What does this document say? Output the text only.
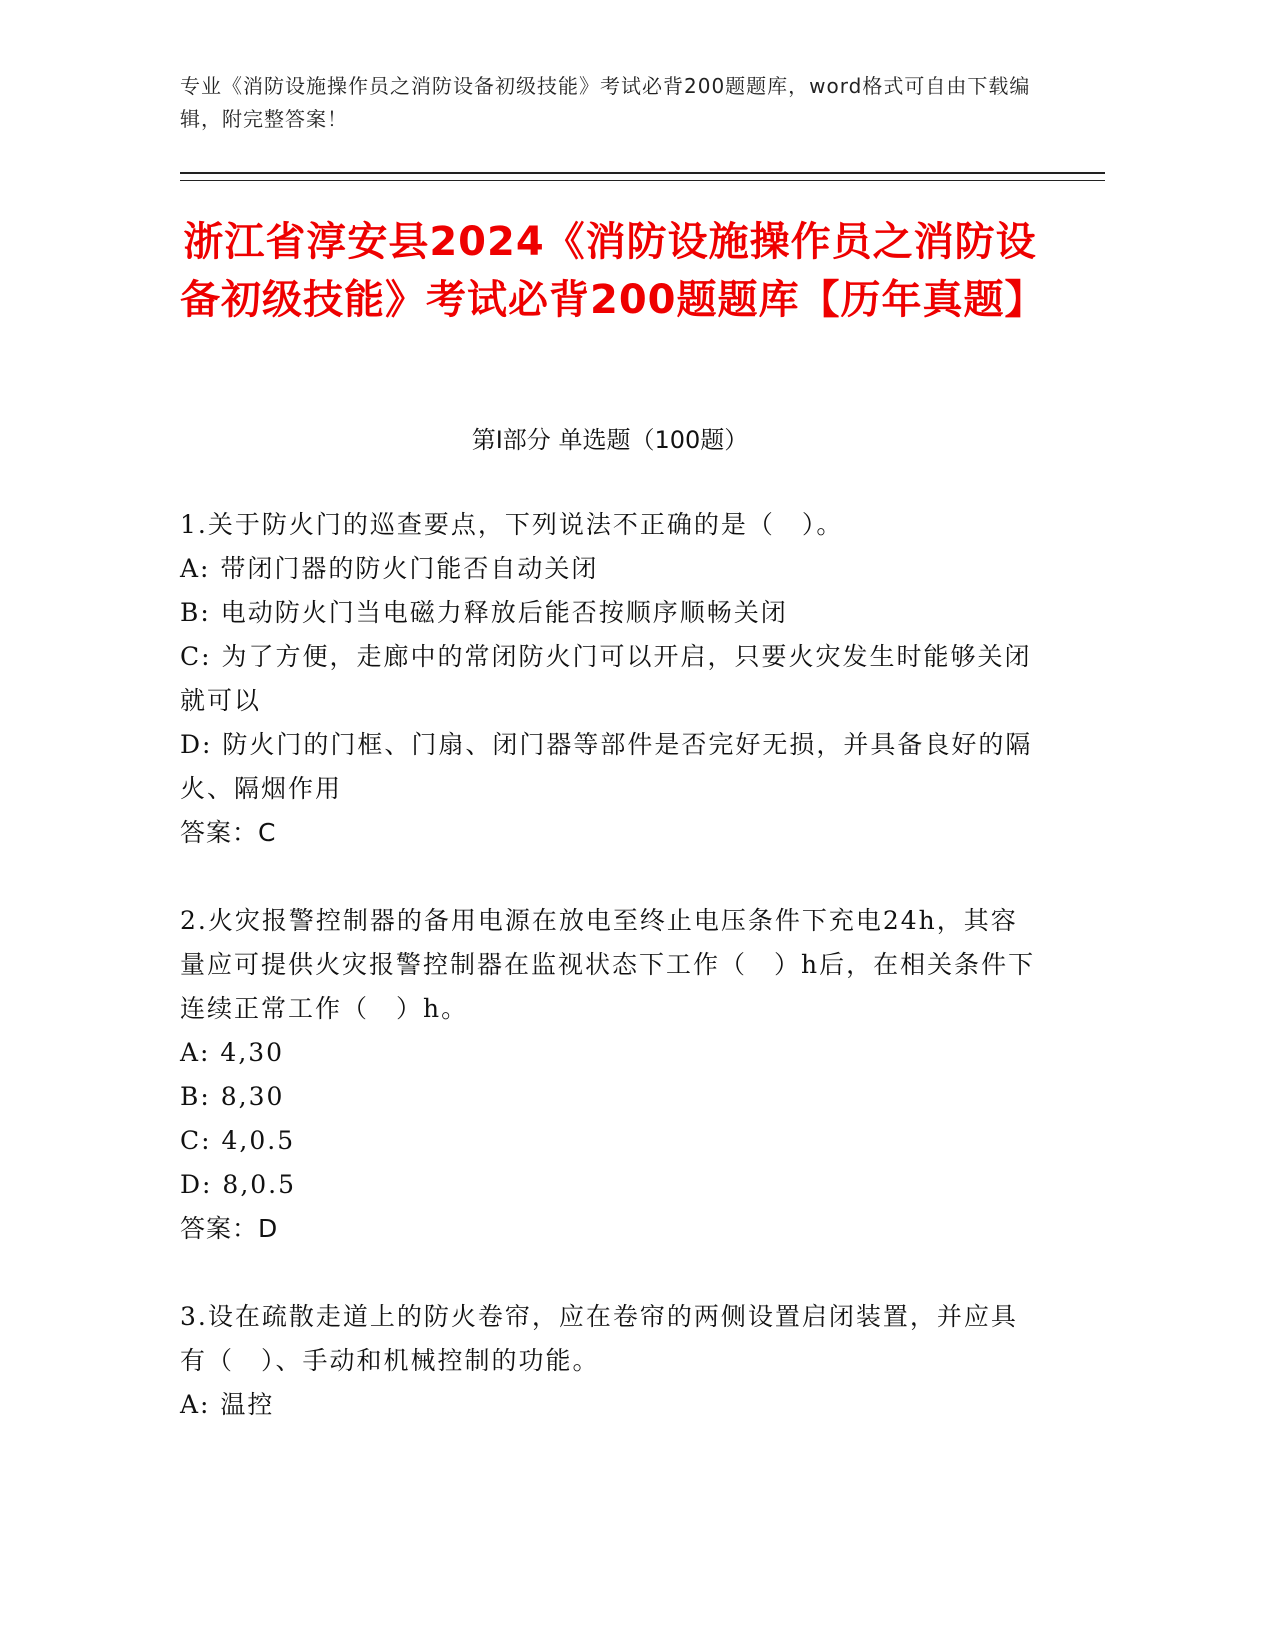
专业《消防设施操作员之消防设备初级技能》考试必背200题题库，word格式可自由下载编辑，附完整答案！
浙江省淳安县2024《消防设施操作员之消防设备初级技能》考试必背200题题库【历年真题】
第I部分 单选题（100题）

1.关于防火门的巡查要点，下列说法不正确的是（　）。

A: 带闭门器的防火门能否自动关闭

B: 电动防火门当电磁力释放后能否按顺序顺畅关闭

C: 为了方便，走廊中的常闭防火门可以开启，只要火灾发生时能够关闭就可以

D: 防火门的门框、门扇、闭门器等部件是否完好无损，并具备良好的隔火、隔烟作用

答案：C

2.火灾报警控制器的备用电源在放电至终止电压条件下充电24h，其容量应可提供火灾报警控制器在监视状态下工作（　）h后，在相关条件下连续正常工作（　）h。

A: 4,30

B: 8,30

C: 4,0.5

D: 8,0.5

答案：D

3.设在疏散走道上的防火卷帘，应在卷帘的两侧设置启闭装置，并应具有（　）、手动和机械控制的功能。

A: 温控
